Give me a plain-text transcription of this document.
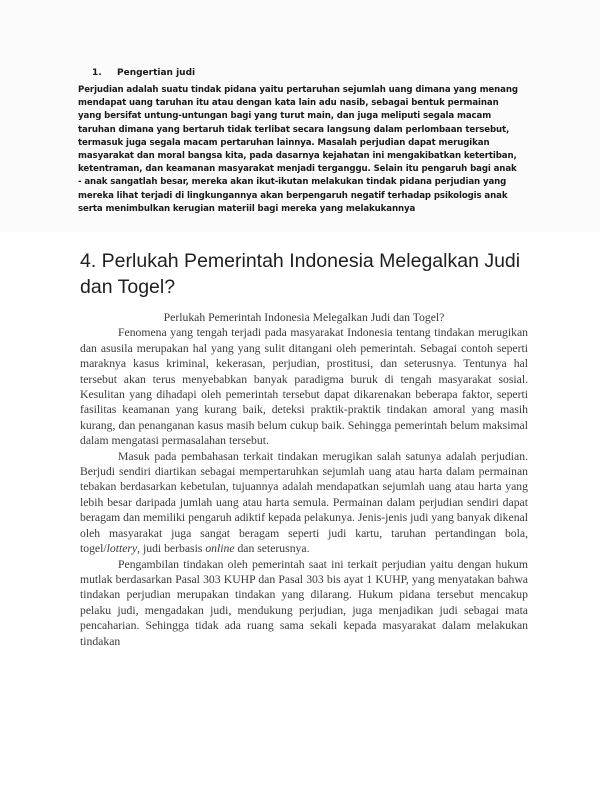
1. Pengertian judi

Perjudian adalah suatu tindak pidana yaitu pertaruhan sejumlah uang dimana yang menang mendapat uang taruhan itu atau dengan kata lain adu nasib, sebagai bentuk permainan yang bersifat untung-untungan bagi yang turut main, dan juga meliputi segala macam taruhan dimana yang bertaruh tidak terlibat secara langsung dalam perlombaan tersebut, termasuk juga segala macam pertaruhan lainnya. Masalah perjudian dapat merugikan masyarakat dan moral bangsa kita, pada dasarnya kejahatan ini mengakibatkan ketertiban, ketentraman, dan keamanan masyarakat menjadi terganggu. Selain itu pengaruh bagi anak - anak sangatlah besar, mereka akan ikut-ikutan melakukan tindak pidana perjudian yang mereka lihat terjadi di lingkungannya akan berpengaruh negatif terhadap psikologis anak serta menimbulkan kerugian materiil bagi mereka yang melakukannya

4. Perlukah Pemerintah Indonesia Melegalkan Judi dan Togel?

Perlukah Pemerintah Indonesia Melegalkan Judi dan Togel?

Fenomena yang tengah terjadi pada masyarakat Indonesia tentang tindakan merugikan dan asusila merupakan hal yang yang sulit ditangani oleh pemerintah. Sebagai contoh seperti maraknya kasus kriminal, kekerasan, perjudian, prostitusi, dan seterusnya. Tentunya hal tersebut akan terus menyebabkan banyak paradigma buruk di tengah masyarakat sosial. Kesulitan yang dihadapi oleh pemerintah tersebut dapat dikarenakan beberapa faktor, seperti fasilitas keamanan yang kurang baik, deteksi praktik-praktik tindakan amoral yang masih kurang, dan penanganan kasus masih belum cukup baik. Sehingga pemerintah belum maksimal dalam mengatasi permasalahan tersebut.

Masuk pada pembahasan terkait tindakan merugikan salah satunya adalah perjudian. Berjudi sendiri diartikan sebagai mempertaruhkan sejumlah uang atau harta dalam permainan tebakan berdasarkan kebetulan, tujuannya adalah mendapatkan sejumlah uang atau harta yang lebih besar daripada jumlah uang atau harta semula. Permainan dalam perjudian sendiri dapat beragam dan memiliki pengaruh adiktif kepada pelakunya. Jenis-jenis judi yang banyak dikenal oleh masyarakat juga sangat beragam seperti judi kartu, taruhan pertandingan bola, togel/lottery, judi berbasis online dan seterusnya.

Pengambilan tindakan oleh pemerintah saat ini terkait perjudian yaitu dengan hukum mutlak berdasarkan Pasal 303 KUHP dan Pasal 303 bis ayat 1 KUHP, yang menyatakan bahwa tindakan perjudian merupakan tindakan yang dilarang. Hukum pidana tersebut mencakup pelaku judi, mengadakan judi, mendukung perjudian, juga menjadikan judi sebagai mata pencaharian. Sehingga tidak ada ruang sama sekali kepada masyarakat dalam melakukan tindakan
